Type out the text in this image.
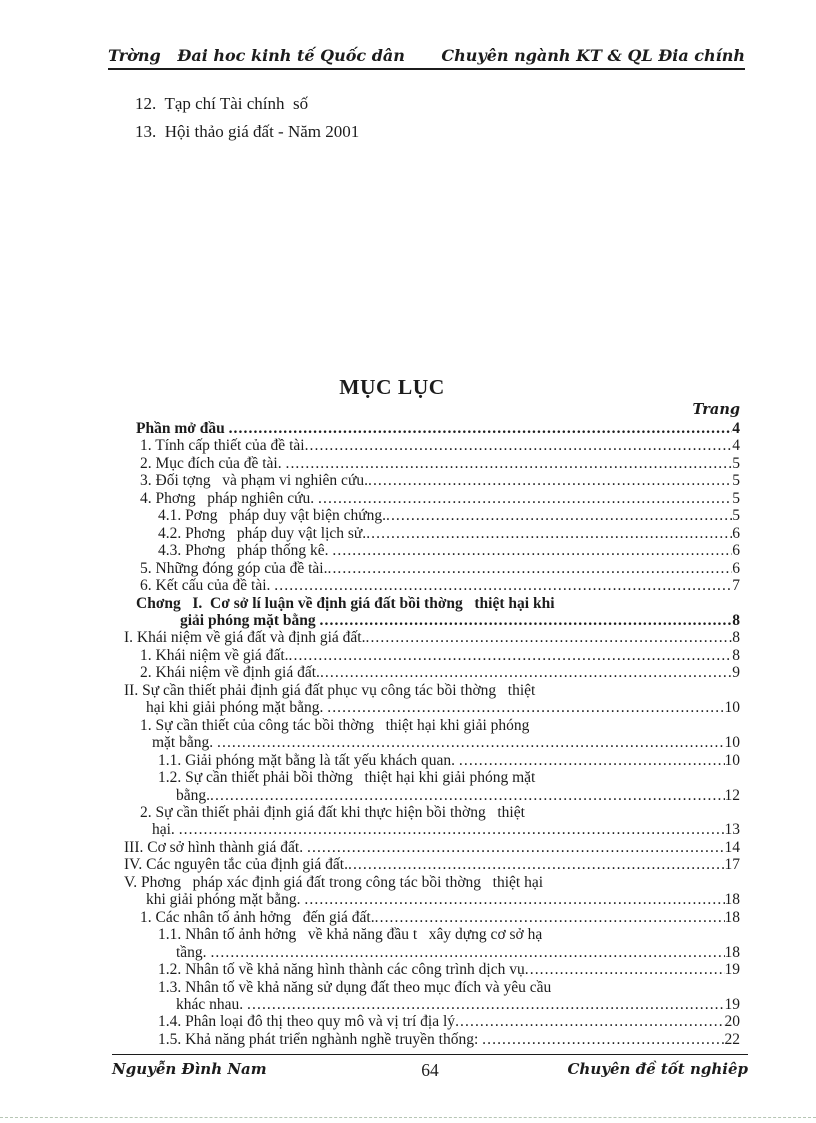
Trờng   Đai hoc kinh tế Quốc dân Chuyên ngành KT & QL Đia chính
12.  Tạp chí Tài chính  số
13.  Hội thảo giá đất - Năm 2001
MỤC LỤC
Trang
Phần mở đầu .....	4
1. Tính cấp thiết của đề tài .....	4
2. Mục đích của đề tài. .....	5
3. Đối tợng   và phạm vi nghiên cứu. .....	5
4. Phơng   pháp nghiên cứu. .....	5
4.1. Pơng   pháp duy vật biện chứng. .....	5
4.2. Phơng   pháp duy vật lịch sử. .....	6
4.3. Phơng   pháp thống kê. .....	6
5. Những đóng góp của đề tài. .....	6
6. Kết cấu của đề tài. .....	7
Chơng   I.  Cơ sở lí luận về định giá đất bồi thờng   thiệt hại khi
giải phóng mặt bằng .....	8
I. Khái niệm về giá đất và định giá đất. .....	8
1. Khái niệm về giá đất. .....	8
2. Khái niệm về định giá đất. .....	9
II. Sự cần thiết phải định giá đất phục vụ công tác bồi thờng   thiệt
hại khi giải phóng mặt bằng. .....	10
1. Sự cần thiết của công tác bồi thờng   thiệt hại khi giải phóng
mặt bằng. .....	10
1.1. Giải phóng mặt bằng là tất yếu khách quan. .....	10
1.2. Sự cần thiết phải bồi thờng   thiệt hại khi giải phóng mặt
bằng. .....	12
2. Sự cần thiết phải định giá đất khi thực hiện bồi thờng   thiệt
hại. .....	13
III. Cơ sở hình thành giá đất. .....	14
IV. Các nguyên tắc của định giá đất. .....	17
V. Phơng   pháp xác định giá đất trong công tác bồi thờng   thiệt hại
khi giải phóng mặt bằng. .....	18
1. Các nhân tố ảnh hởng   đến giá đất. .....	18
1.1. Nhân tố ảnh hởng   về khả năng đầu t   xây dựng cơ sở hạ
tầng. .....	18
1.2. Nhân tố về khả năng hình thành các công trình dịch vụ .....	19
1.3. Nhân tố về khả năng sử dụng đất theo mục đích và yêu cầu
khác nhau. .....	19
1.4. Phân loại đô thị theo quy mô và vị trí địa lý .....	20
1.5. Khả năng phát triển nghành nghề truyền thống: .....	22
64
Nguyễn Đình Nam	Chuyên đề tốt nghiêp
